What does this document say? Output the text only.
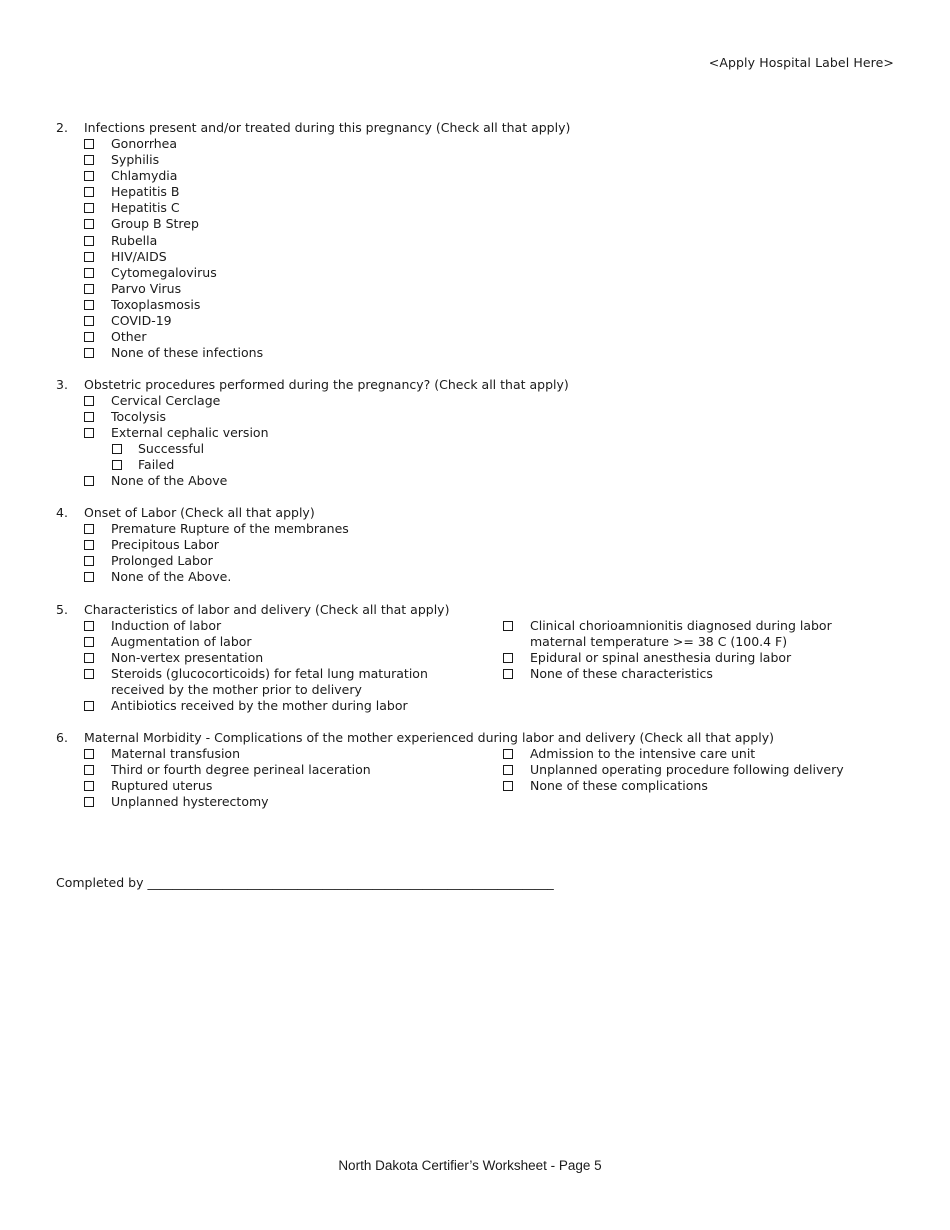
<Apply Hospital Label Here>
2.	Infections present and/or treated during this pregnancy (Check all that apply)
Gonorrhea
Syphilis
Chlamydia
Hepatitis B
Hepatitis C
Group B Strep
Rubella
HIV/AIDS
Cytomegalovirus
Parvo Virus
Toxoplasmosis
COVID-19
Other
None of these infections
3.	Obstetric procedures performed during the pregnancy? (Check all that apply)
Cervical Cerclage
Tocolysis
External cephalic version
Successful
Failed
None of the Above
4.	Onset of Labor (Check all that apply)
Premature Rupture of the membranes
Precipitous Labor
Prolonged Labor
None of the Above.
5.	Characteristics of labor and delivery (Check all that apply)
Induction of labor
Augmentation of labor
Non-vertex presentation
Steroids (glucocorticoids) for fetal lung maturation
received by the mother prior to delivery
Antibiotics received by the mother during labor
Clinical chorioamnionitis diagnosed during labor
maternal temperature >= 38 C (100.4 F)
Epidural or spinal anesthesia during labor
None of these characteristics
6.	Maternal Morbidity - Complications of the mother experienced during labor and delivery (Check all that apply)
Maternal transfusion
Third or fourth degree perineal laceration
Ruptured uterus
Unplanned hysterectomy
Admission to the intensive care unit
Unplanned operating procedure following delivery
None of these complications
Completed by _________________________________________________________________
North Dakota Certifier’s Worksheet - Page 5
